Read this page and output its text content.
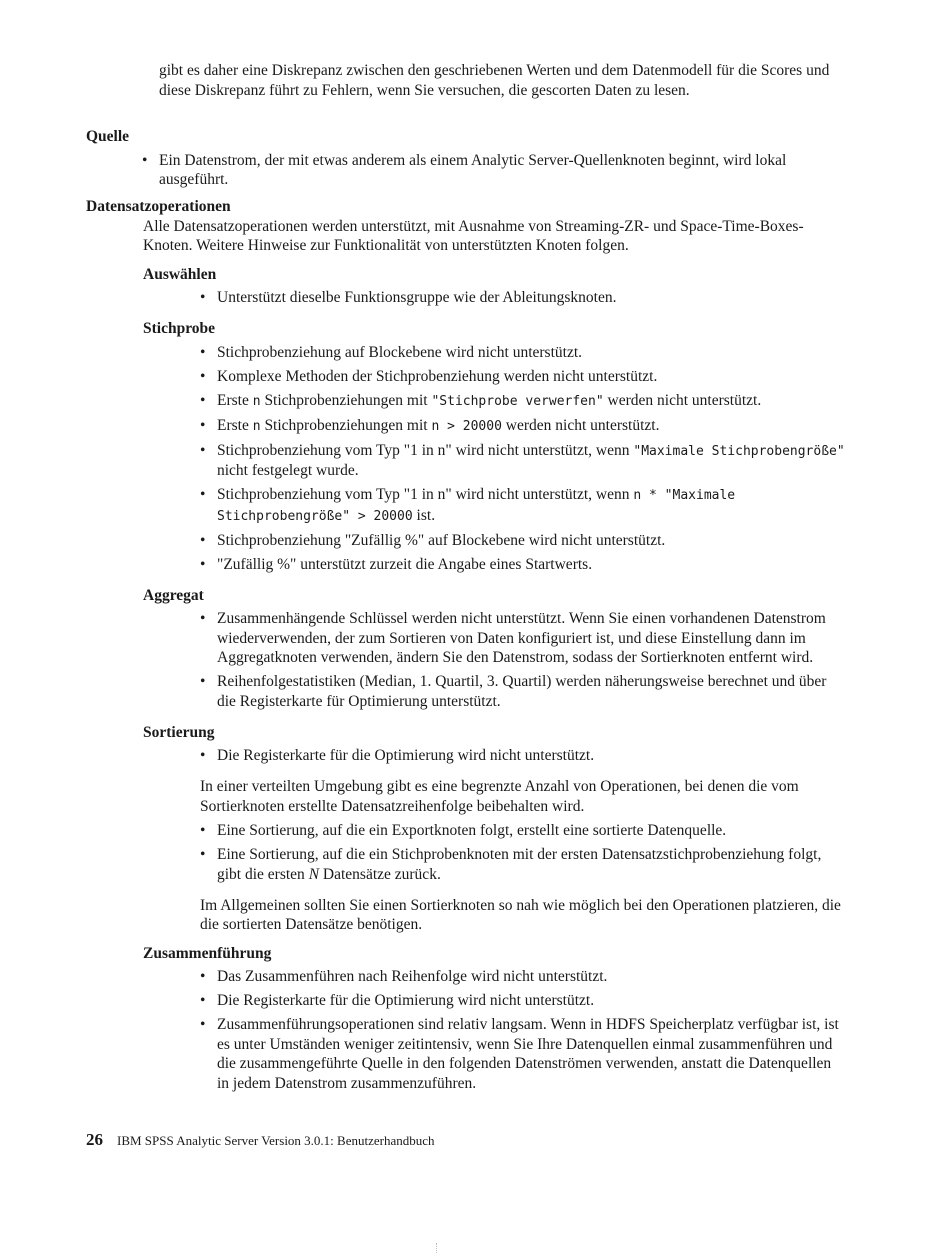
gibt es daher eine Diskrepanz zwischen den geschriebenen Werten und dem Datenmodell für die Scores und diese Diskrepanz führt zu Fehlern, wenn Sie versuchen, die gescorten Daten zu lesen.

Quelle

• Ein Datenstrom, der mit etwas anderem als einem Analytic Server-Quellenknoten beginnt, wird lokal ausgeführt.

Datensatzoperationen

Alle Datensatzoperationen werden unterstützt, mit Ausnahme von Streaming-ZR- und Space-Time-Boxes-Knoten. Weitere Hinweise zur Funktionalität von unterstützten Knoten folgen.

Auswählen

• Unterstützt dieselbe Funktionsgruppe wie der Ableitungsknoten.

Stichprobe

• Stichprobenziehung auf Blockebene wird nicht unterstützt.
• Komplexe Methoden der Stichprobenziehung werden nicht unterstützt.
• Erste n Stichprobenziehungen mit "Stichprobe verwerfen" werden nicht unterstützt.
• Erste n Stichprobenziehungen mit n > 20000 werden nicht unterstützt.
• Stichprobenziehung vom Typ "1 in n" wird nicht unterstützt, wenn "Maximale Stichprobengröße" nicht festgelegt wurde.
• Stichprobenziehung vom Typ "1 in n" wird nicht unterstützt, wenn n * "Maximale Stichprobengröße" > 20000 ist.
• Stichprobenziehung "Zufällig %" auf Blockebene wird nicht unterstützt.
• "Zufällig %" unterstützt zurzeit die Angabe eines Startwerts.

Aggregat

• Zusammenhängende Schlüssel werden nicht unterstützt. Wenn Sie einen vorhandenen Datenstrom wiederverwenden, der zum Sortieren von Daten konfiguriert ist, und diese Einstellung dann im Aggregatknoten verwenden, ändern Sie den Datenstrom, sodass der Sortierknoten entfernt wird.
• Reihenfolgestatistiken (Median, 1. Quartil, 3. Quartil) werden näherungsweise berechnet und über die Registerkarte für Optimierung unterstützt.

Sortierung

• Die Registerkarte für die Optimierung wird nicht unterstützt.

In einer verteilten Umgebung gibt es eine begrenzte Anzahl von Operationen, bei denen die vom Sortierknoten erstellte Datensatzreihenfolge beibehalten wird.

• Eine Sortierung, auf die ein Exportknoten folgt, erstellt eine sortierte Datenquelle.
• Eine Sortierung, auf die ein Stichprobenknoten mit der ersten Datensatzstichprobenziehung folgt, gibt die ersten N Datensätze zurück.

Im Allgemeinen sollten Sie einen Sortierknoten so nah wie möglich bei den Operationen platzieren, die die sortierten Datensätze benötigen.

Zusammenführung

• Das Zusammenführen nach Reihenfolge wird nicht unterstützt.
• Die Registerkarte für die Optimierung wird nicht unterstützt.
• Zusammenführungsoperationen sind relativ langsam. Wenn in HDFS Speicherplatz verfügbar ist, ist es unter Umständen weniger zeitintensiv, wenn Sie Ihre Datenquellen einmal zusammenführen und die zusammengeführte Quelle in den folgenden Datenströmen verwenden, anstatt die Datenquellen in jedem Datenstrom zusammenzuführen.
26 IBM SPSS Analytic Server Version 3.0.1: Benutzerhandbuch
